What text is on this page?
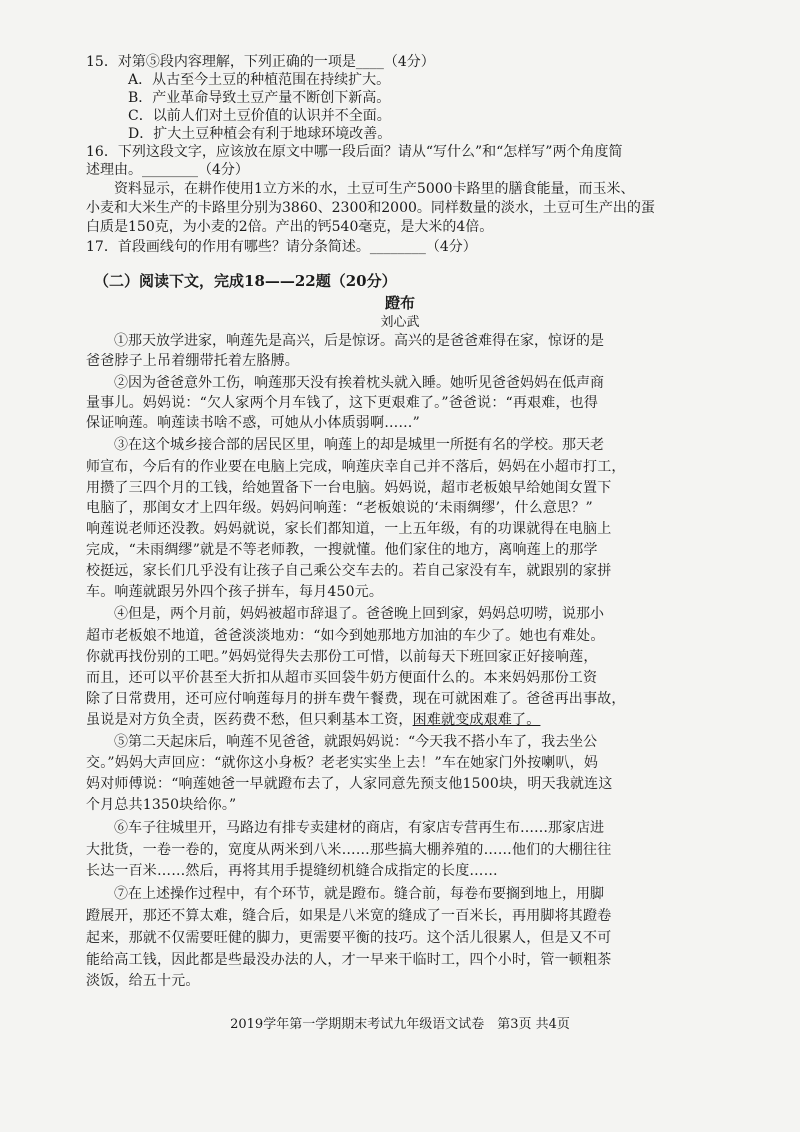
15．对第⑤段内容理解，下列正确的一项是____（4分）
A．从古至今土豆的种植范围在持续扩大。
B．产业革命导致土豆产量不断创下新高。
C．以前人们对土豆价值的认识并不全面。
D．扩大土豆种植会有利于地球环境改善。
16．下列这段文字，应该放在原文中哪一段后面？请从“写什么”和“怎样写”两个角度简
述理由。________（4分）
资料显示，在耕作使用1立方米的水，土豆可生产5000卡路里的膳食能量，而玉米、
小麦和大米生产的卡路里分别为3860、2300和2000。同样数量的淡水，土豆可生产出的蛋
白质是150克，为小麦的2倍。产出的钙540毫克，是大米的4倍。
17．首段画线句的作用有哪些？请分条简述。________（4分）
（二）阅读下文，完成18——22题（20分）
蹬布
刘心武
①那天放学进家，响莲先是高兴，后是惊讶。高兴的是爸爸难得在家，惊讶的是
爸爸脖子上吊着绷带托着左胳膊。
②因为爸爸意外工伤，响莲那天没有挨着枕头就入睡。她听见爸爸妈妈在低声商
量事儿。妈妈说：“欠人家两个月车钱了，这下更艰难了。”爸爸说：“再艰难，也得
保证响莲。响莲读书啥不惑，可她从小体质弱啊……”
③在这个城乡接合部的居民区里，响莲上的却是城里一所挺有名的学校。那天老
师宣布，今后有的作业要在电脑上完成，响莲庆幸自己并不落后，妈妈在小超市打工，
用攒了三四个月的工钱，给她置备下一台电脑。妈妈说，超市老板娘早给她闺女置下
电脑了，那闺女才上四年级。妈妈问响莲：“老板娘说的‘未雨绸缪’，什么意思？”
响莲说老师还没教。妈妈就说，家长们都知道，一上五年级，有的功课就得在电脑上
完成，“未雨绸缪”就是不等老师教，一搜就懂。他们家住的地方，离响莲上的那学
校挺远，家长们几乎没有让孩子自己乘公交车去的。若自己家没有车，就跟别的家拼
车。响莲就跟另外四个孩子拼车，每月450元。
④但是，两个月前，妈妈被超市辞退了。爸爸晚上回到家，妈妈总叨唠，说那小
超市老板娘不地道，爸爸淡淡地劝：“如今到她那地方加油的车少了。她也有难处。
你就再找份别的工吧。”妈妈觉得失去那份工可惜，以前每天下班回家正好接响莲，
而且，还可以平价甚至大折扣从超市买回袋牛奶方便面什么的。本来妈妈那份工资
除了日常费用，还可应付响莲每月的拼车费午餐费，现在可就困难了。爸爸再出事故，
虽说是对方负全责，医药费不愁，但只剩基本工资，困难就变成艰难了。
⑤第二天起床后，响莲不见爸爸，就跟妈妈说：“今天我不搭小车了，我去坐公
交。”妈妈大声回应：“就你这小身板？老老实实坐上去！”车在她家门外按喇叭，妈
妈对师傅说：“响莲她爸一早就蹬布去了，人家同意先预支他1500块，明天我就连这
个月总共1350块给你。”
⑥车子往城里开，马路边有排专卖建材的商店，有家店专营再生布……那家店进
大批货，一卷一卷的，宽度从两米到八米……那些搞大棚养殖的……他们的大棚往往
长达一百米……然后，再将其用手提缝纫机缝合成指定的长度……
⑦在上述操作过程中，有个环节，就是蹬布。缝合前，每卷布要搁到地上，用脚
蹬展开，那还不算太难，缝合后，如果是八米宽的缝成了一百米长，再用脚将其蹬卷
起来，那就不仅需要旺健的脚力，更需要平衡的技巧。这个活儿很累人，但是又不可
能给高工钱，因此都是些最没办法的人，才一早来干临时工，四个小时，管一顿粗茶
淡饭，给五十元。
2019学年第一学期期末考试九年级语文试卷　第3页 共4页
